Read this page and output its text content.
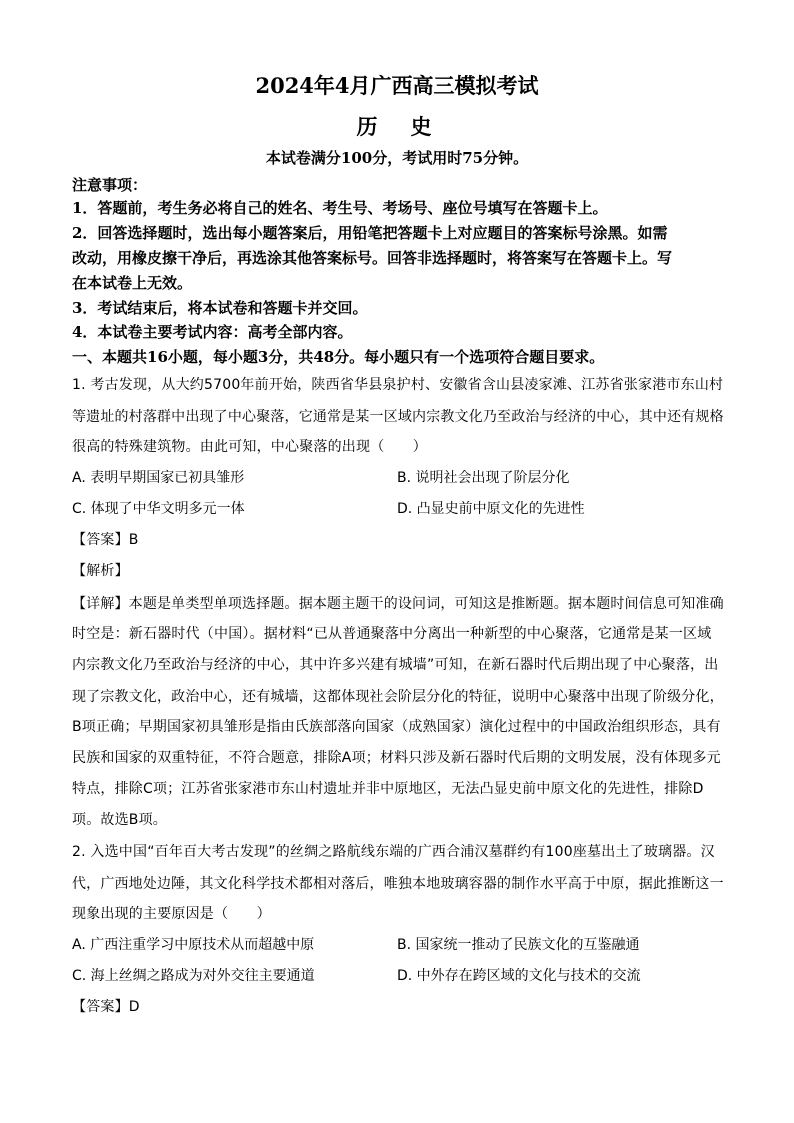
2024年4月广西高三模拟考试
历　史
本试卷满分100分，考试用时75分钟。
注意事项：
1．答题前，考生务必将自己的姓名、考生号、考场号、座位号填写在答题卡上。
2．回答选择题时，选出每小题答案后，用铅笔把答题卡上对应题目的答案标号涂黑。如需
改动，用橡皮擦干净后，再选涂其他答案标号。回答非选择题时，将答案写在答题卡上。写
在本试卷上无效。
3．考试结束后，将本试卷和答题卡并交回。
4．本试卷主要考试内容：高考全部内容。
一、本题共16小题，每小题3分，共48分。每小题只有一个选项符合题目要求。
1. 考古发现，从大约5700年前开始，陕西省华县泉护村、安徽省含山县凌家滩、江苏省张家港市东山村
等遗址的村落群中出现了中心聚落，它通常是某一区域内宗教文化乃至政治与经济的中心，其中还有规格
很高的特殊建筑物。由此可知，中心聚落的出现（　　）
A. 表明早期国家已初具雏形	B. 说明社会出现了阶层分化
C. 体现了中华文明多元一体	D. 凸显史前中原文化的先进性
【答案】B
【解析】
【详解】本题是单类型单项选择题。据本题主题干的设问词，可知这是推断题。据本题时间信息可知准确
时空是：新石器时代（中国）。据材料“已从普通聚落中分离出一种新型的中心聚落，它通常是某一区域
内宗教文化乃至政治与经济的中心，其中许多兴建有城墙”可知，在新石器时代后期出现了中心聚落，出
现了宗教文化，政治中心，还有城墙，这都体现社会阶层分化的特征，说明中心聚落中出现了阶级分化，
B项正确；早期国家初具雏形是指由氏族部落向国家（成熟国家）演化过程中的中国政治组织形态，具有
民族和国家的双重特征，不符合题意，排除A项；材料只涉及新石器时代后期的文明发展，没有体现多元
特点，排除C项；江苏省张家港市东山村遗址并非中原地区，无法凸显史前中原文化的先进性，排除D
项。故选B项。
2. 入选中国“百年百大考古发现”的丝绸之路航线东端的广西合浦汉墓群约有100座墓出土了玻璃器。汉
代，广西地处边陲，其文化科学技术都相对落后，唯独本地玻璃容器的制作水平高于中原，据此推断这一
现象出现的主要原因是（　　）
A. 广西注重学习中原技术从而超越中原	B. 国家统一推动了民族文化的互鉴融通
C. 海上丝绸之路成为对外交往主要通道	D. 中外存在跨区域的文化与技术的交流
【答案】D
